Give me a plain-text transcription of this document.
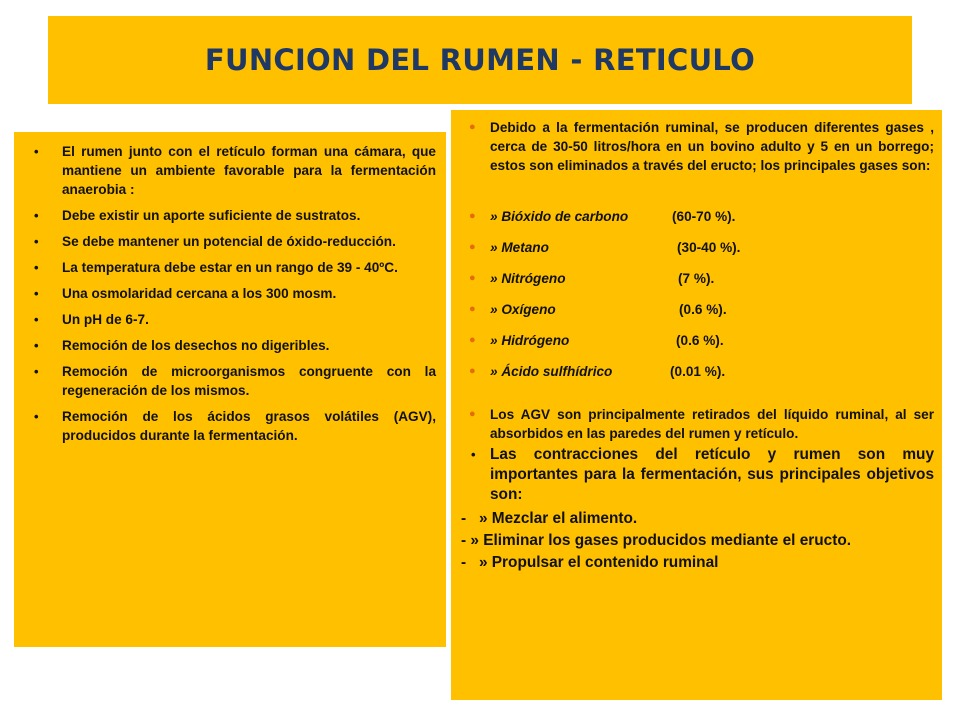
FUNCION DEL RUMEN - RETICULO
• El rumen junto con el retículo forman una cámara, que mantiene un ambiente favorable para la fermentación anaerobia :
• Debe existir un aporte suficiente de sustratos.
• Se debe mantener un potencial de óxido-reducción.
• La temperatura debe estar en un rango de 39 - 40ºC.
• Una osmolaridad cercana a los 300 mosm.
• Un pH de 6-7.
• Remoción de los desechos no digeribles.
• Remoción de microorganismos congruente con la regeneración de los mismos.
• Remoción de los ácidos grasos volátiles (AGV), producidos durante la fermentación.
● Debido a la fermentación ruminal, se producen diferentes gases , cerca de 30-50 litros/hora en un bovino adulto y 5 en un borrego; estos son eliminados a través del eructo; los principales gases son:
● » Bióxido de carbono	(60-70 %).
● » Metano	(30-40 %).
● » Nitrógeno	(7 %).
● » Oxígeno	(0.6 %).
● » Hidrógeno	(0.6 %).
● » Ácido sulfhídrico	(0.01 %).
● Los AGV son principalmente retirados del líquido ruminal, al ser absorbidos en las paredes del rumen y retículo.
• Las contracciones del retículo y rumen son muy importantes para la fermentación, sus principales objetivos son:
-   » Mezclar el alimento.
- » Eliminar los gases producidos mediante el eructo.
-   » Propulsar el contenido ruminal
